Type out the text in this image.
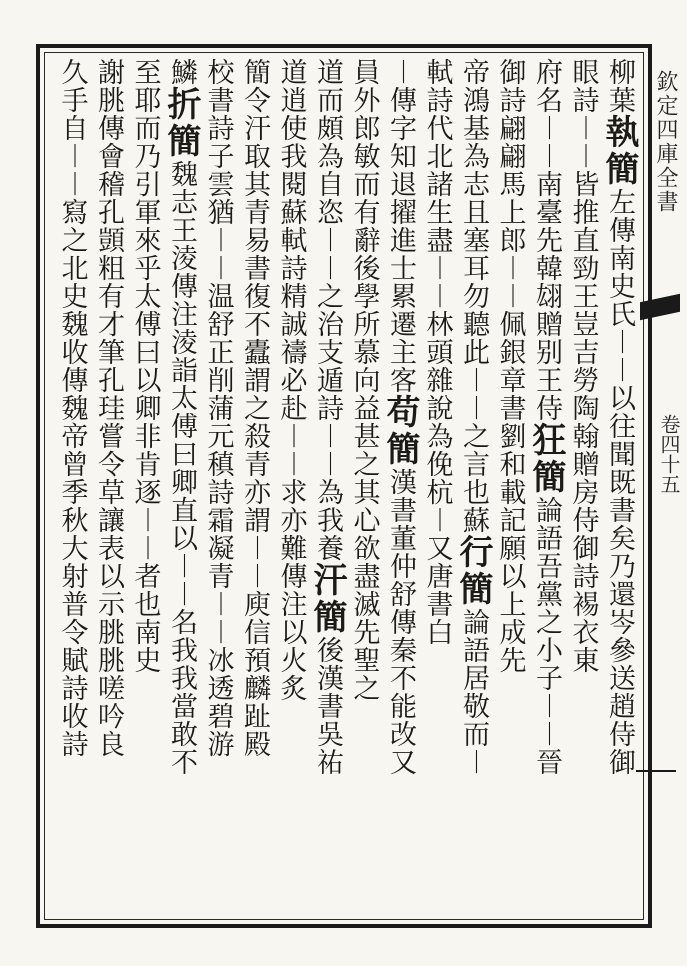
欽定四庫全書
卷四十五
柳葉執簡左傳南史氏︱︱以往聞既書矣乃還岑參送趙侍御
眼詩︱︱皆推直勁王豈吉勞陶翰贈房侍御詩裼衣東
府名︱︱南臺先韓翃贈别王侍狂簡論語吾黨之小子︱︱晉
御詩翩翩馬上郎︱︱佩銀章書劉和載記願以上成先
帝鴻基為志且塞耳勿聽此︱︱之言也蘇行簡論語居敬而︱
軾詩代北諸生盡︱︱林頭雜說為俛杭︱又唐書白
︱傳字知退擢進士累遷主客苟簡漢書董仲舒傳秦不能改又
員外郎敏而有辭後學所慕向益甚之其心欲盡滅先聖之
道而頗為自恣︱︱之治支遁詩︱︱為我養汗簡後漢書吳祐
道逍使我閱蘇軾詩精誠禱必赴︱︱求亦難傳注以火炙
簡令汗取其青易書復不蠹謂之殺青亦謂︱︱庾信預麟趾殿
校書詩子雲猶︱︱温舒正削蒲元稹詩霜凝青︱︱冰透碧游
鱗折簡魏志王淩傳注淩詣太傅曰卿直以︱︱名我我當敢不
至耶而乃引軍來乎太傅曰以卿非肯逐︱︱者也南史
謝朓傳會稽孔顗粗有才筆孔珪嘗令草讓表以示朓朓嗟吟良
久手自︱︱寫之北史魏收傳魏帝曾季秋大射普令賦詩收詩
